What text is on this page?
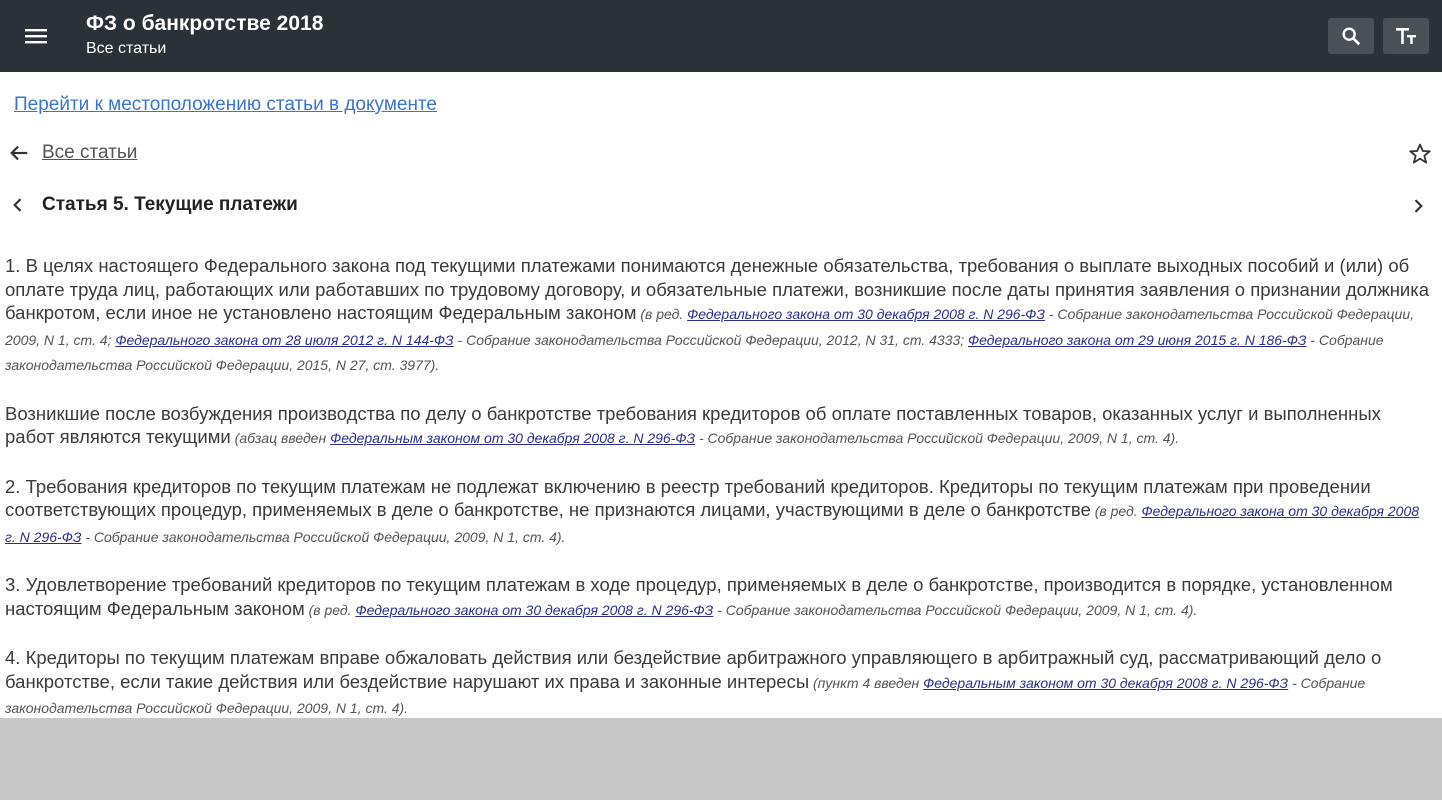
ФЗ о банкротстве 2018
Все статьи
Перейти к местоположению статьи в документе
Все статьи
Статья 5. Текущие платежи

1. В целях настоящего Федерального закона под текущими платежами понимаются денежные обязательства, требования о выплате выходных пособий и (или) об оплате труда лиц, работающих или работавших по трудовому договору, и обязательные платежи, возникшие после даты принятия заявления о признании должника банкротом, если иное не установлено настоящим Федеральным законом (в ред. Федерального закона от 30 декабря 2008 г. N 296-ФЗ - Собрание законодательства Российской Федерации, 2009, N 1, ст. 4; Федерального закона от 28 июля 2012 г. N 144-ФЗ - Собрание законодательства Российской Федерации, 2012, N 31, ст. 4333; Федерального закона от 29 июня 2015 г. N 186-ФЗ - Собрание законодательства Российской Федерации, 2015, N 27, ст. 3977).

Возникшие после возбуждения производства по делу о банкротстве требования кредиторов об оплате поставленных товаров, оказанных услуг и выполненных работ являются текущими (абзац введен Федеральным законом от 30 декабря 2008 г. N 296-ФЗ - Собрание законодательства Российской Федерации, 2009, N 1, ст. 4).

2. Требования кредиторов по текущим платежам не подлежат включению в реестр требований кредиторов. Кредиторы по текущим платежам при проведении соответствующих процедур, применяемых в деле о банкротстве, не признаются лицами, участвующими в деле о банкротстве (в ред. Федерального закона от 30 декабря 2008 г. N 296-ФЗ - Собрание законодательства Российской Федерации, 2009, N 1, ст. 4).

3. Удовлетворение требований кредиторов по текущим платежам в ходе процедур, применяемых в деле о банкротстве, производится в порядке, установленном настоящим Федеральным законом (в ред. Федерального закона от 30 декабря 2008 г. N 296-ФЗ - Собрание законодательства Российской Федерации, 2009, N 1, ст. 4).

4. Кредиторы по текущим платежам вправе обжаловать действия или бездействие арбитражного управляющего в арбитражный суд, рассматривающий дело о банкротстве, если такие действия или бездействие нарушают их права и законные интересы (пункт 4 введен Федеральным законом от 30 декабря 2008 г. N 296-ФЗ - Собрание законодательства Российской Федерации, 2009, N 1, ст. 4).
